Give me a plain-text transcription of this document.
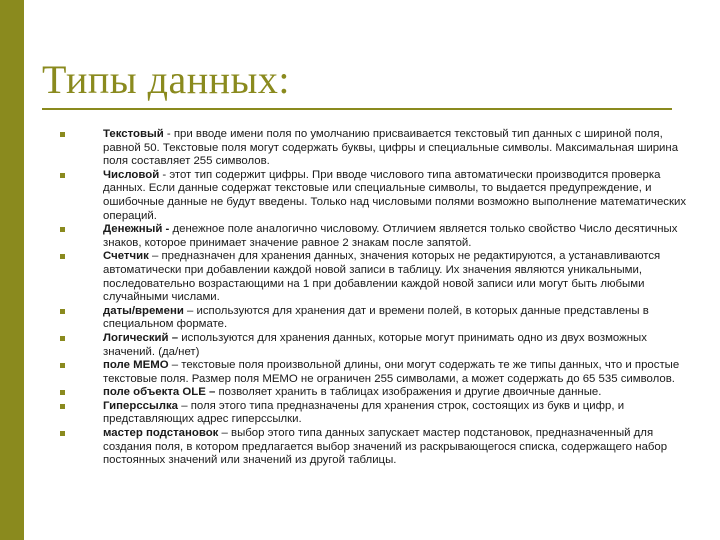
Типы данных:
Текстовый - при вводе имени поля по умолчанию присваивается текстовый тип данных с шириной поля, равной 50. Текстовые поля могут содержать буквы, цифры и специальные символы. Максимальная ширина поля составляет 255 символов.
Числовой - этот тип содержит цифры. При вводе числового типа автоматически производится проверка данных. Если данные содержат текстовые или специальные символы, то выдается предупреждение, и ошибочные данные не будут введены. Только над числовыми полями возможно выполнение математических операций.
Денежный - денежное поле аналогично числовому. Отличием является только свойство Число десятичных знаков, которое принимает значение равное 2 знакам после запятой.
Счетчик – предназначен для хранения данных, значения которых не редактируются, а устанавливаются автоматически при добавлении каждой новой записи в таблицу. Их значения являются уникальными, последовательно возрастающими на 1 при добавлении каждой новой записи или могут быть любыми случайными числами.
даты/времени – используются для хранения дат и времени полей, в которых данные представлены в специальном формате.
Логический – используются для хранения данных, которые могут принимать одно из двух возможных значений. (да/нет)
поле МЕМО – текстовые поля произвольной длины, они могут содержать те же типы данных, что и простые текстовые поля. Размер поля МЕМО не ограничен 255 символами, а может содержать до 65 535 символов.
поле объекта OLE – позволяет хранить в таблицах изображения и другие двоичные данные.
Гиперссылка – поля этого типа предназначены для хранения строк, состоящих из букв и цифр, и представляющих адрес гиперссылки.
мастер подстановок – выбор этого типа данных запускает мастер подстановок, предназначенный для создания поля, в котором предлагается выбор значений из раскрывающегося списка, содержащего набор постоянных значений или значений из другой таблицы.
